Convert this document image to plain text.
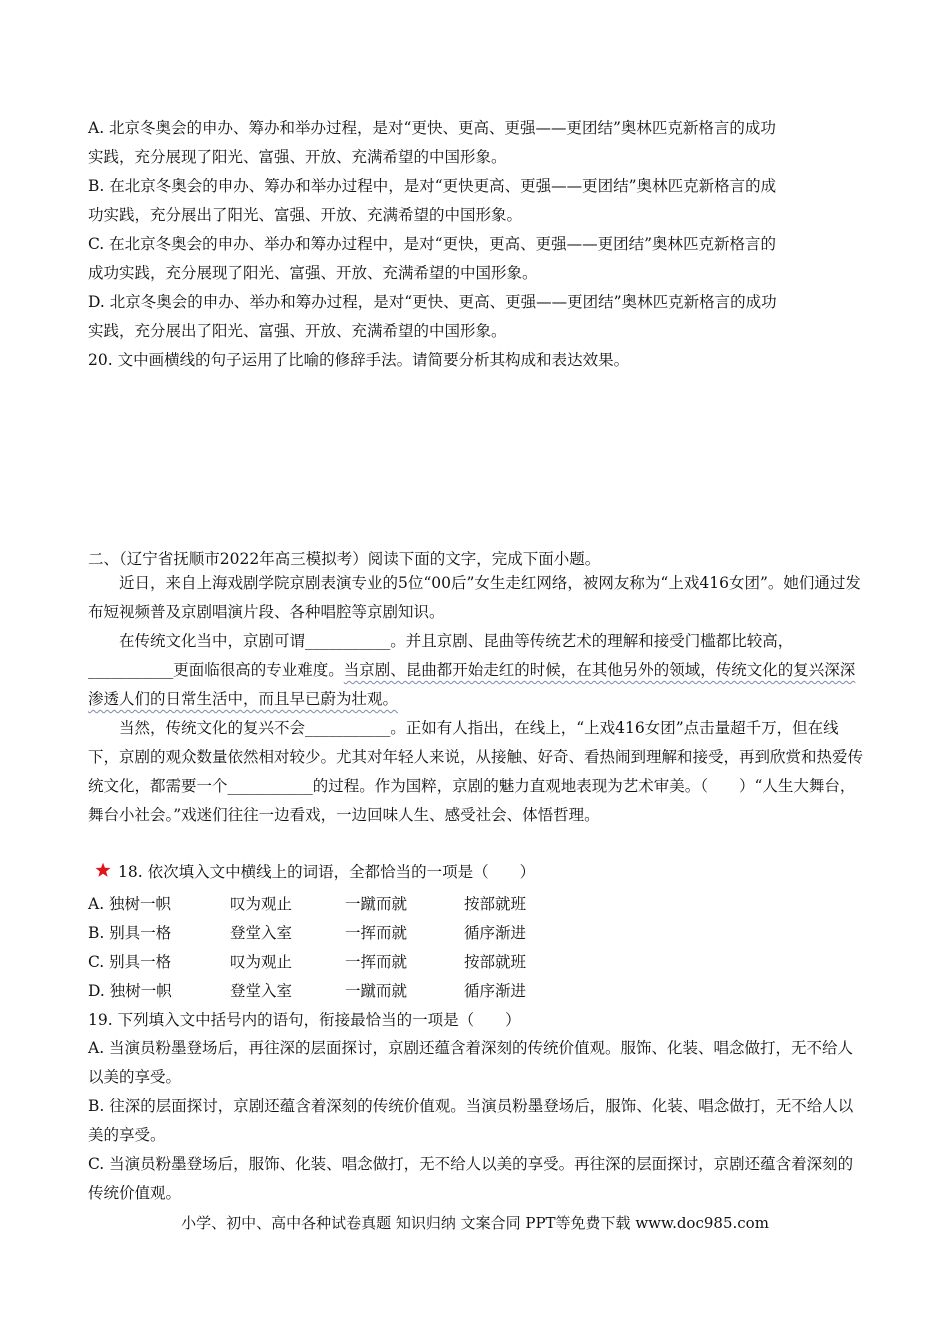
A. 北京冬奥会的申办、筹办和举办过程，是对“更快、更高、更强——更团结”奥林匹克新格言的成功
实践，充分展现了阳光、富强、开放、充满希望的中国形象。
B. 在北京冬奥会的申办、筹办和举办过程中，是对“更快更高、更强——更团结”奥林匹克新格言的成
功实践，充分展出了阳光、富强、开放、充满希望的中国形象。
C. 在北京冬奥会的申办、举办和筹办过程中，是对“更快，更高、更强——更团结”奥林匹克新格言的
成功实践，充分展现了阳光、富强、开放、充满希望的中国形象。
D. 北京冬奥会的申办、举办和筹办过程，是对“更快、更高、更强——更团结”奥林匹克新格言的成功
实践，充分展出了阳光、富强、开放、充满希望的中国形象。
20. 文中画横线的句子运用了比喻的修辞手法。请简要分析其构成和表达效果。
二、（辽宁省抚顺市2022年高三模拟考）阅读下面的文字，完成下面小题。
近日，来自上海戏剧学院京剧表演专业的5位“00后”女生走红网络，被网友称为“上戏416女团”。她们通过发布短视频普及京剧唱演片段、各种唱腔等京剧知识。
在传统文化当中，京剧可谓___________。并且京剧、昆曲等传统艺术的理解和接受门槛都比较高，___________更面临很高的专业难度。当京剧、昆曲都开始走红的时候，在其他另外的领域，传统文化的复兴深深渗透人们的日常生活中，而且早已蔚为壮观。
当然，传统文化的复兴不会___________。正如有人指出，在线上，“上戏416女团”点击量超千万，但在线下，京剧的观众数量依然相对较少。尤其对年轻人来说，从接触、好奇、看热闹到理解和接受，再到欣赏和热爱传统文化，都需要一个___________的过程。作为国粹，京剧的魅力直观地表现为艺术审美。（　　）“人生大舞台，舞台小社会。”戏迷们往往一边看戏，一边回味人生、感受社会、体悟哲理。
18. 依次填入文中横线上的词语，全都恰当的一项是（　　）
A. 独树一帜	叹为观止	一蹴而就	按部就班
B. 别具一格	登堂入室	一挥而就	循序渐进
C. 别具一格	叹为观止	一挥而就	按部就班
D. 独树一帜	登堂入室	一蹴而就	循序渐进
19. 下列填入文中括号内的语句，衔接最恰当的一项是（　　）
A. 当演员粉墨登场后，再往深的层面探讨，京剧还蕴含着深刻的传统价值观。服饰、化装、唱念做打，无不给人以美的享受。
B. 往深的层面探讨，京剧还蕴含着深刻的传统价值观。当演员粉墨登场后，服饰、化装、唱念做打，无不给人以美的享受。
C. 当演员粉墨登场后，服饰、化装、唱念做打，无不给人以美的享受。再往深的层面探讨，京剧还蕴含着深刻的传统价值观。
小学、初中、高中各种试卷真题 知识归纳 文案合同 PPT等免费下载 www.doc985.com
